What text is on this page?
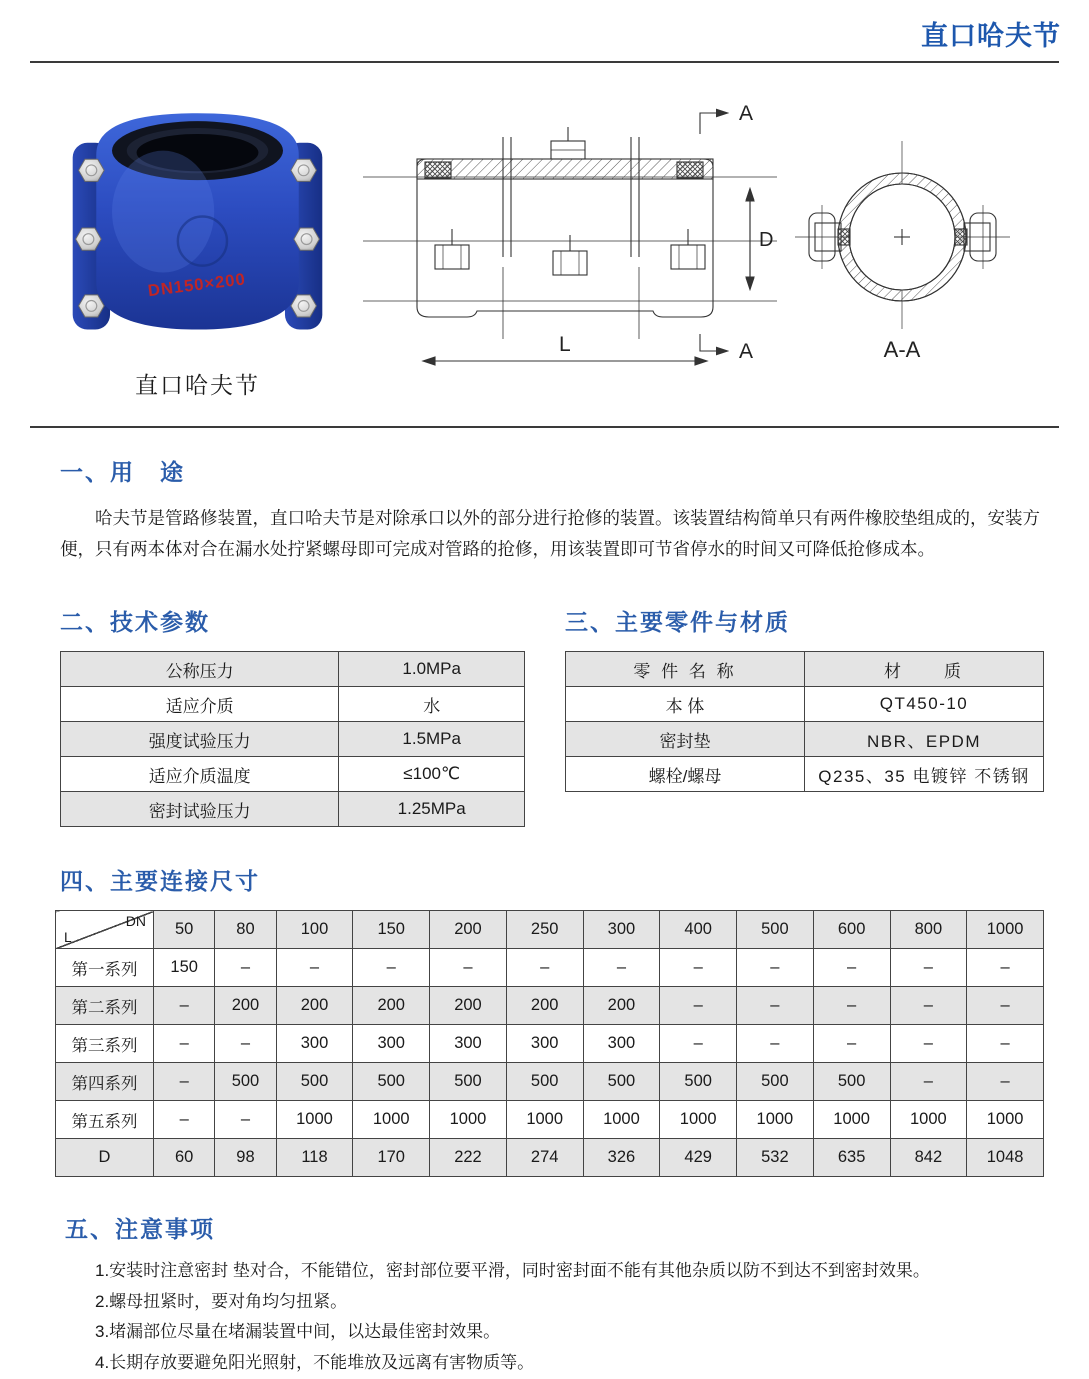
直口哈夫节
DN150×200
直口哈夫节
A
A
D
L	A-A
一、用　途

哈夫节是管路修装置，直口哈夫节是对除承口以外的部分进行抢修的装置。该装置结构简单只有两件橡胶垫组成的，安装方便，只有两本体对合在漏水处拧紧螺母即可完成对管路的抢修，用该装置即可节省停水的时间又可降低抢修成本。

二、技术参数
公称压力	1.0MPa
适应介质	水
强度试验压力	1.5MPa
适应介质温度	≤100℃
密封试验压力	1.25MPa
三、主要零件与材质
零 件 名 称	材　　质
本 体	QT450-10
密封垫	NBR、EPDM
螺栓/螺母	Q235、35 电镀锌 不锈钢
四、主要连接尺寸
DN
L	50	80	100	150	200	250	300	400	500	600	800	1000
第一系列	150	–	–	–	–	–	–	–	–	–	–	–
第二系列	–	200	200	200	200	200	200	–	–	–	–	–
第三系列	–	–	300	300	300	300	300	–	–	–	–	–
第四系列	–	500	500	500	500	500	500	500	500	500	–	–
第五系列	–	–	1000	1000	1000	1000	1000	1000	1000	1000	1000	1000
D	60	98	118	170	222	274	326	429	532	635	842	1048
五、注意事项
1.安装时注意密封 垫对合，不能错位，密封部位要平滑，同时密封面不能有其他杂质以防不到达不到密封效果。
2.螺母扭紧时，要对角均匀扭紧。
3.堵漏部位尽量在堵漏装置中间，以达最佳密封效果。
4.长期存放要避免阳光照射，不能堆放及远离有害物质等。
